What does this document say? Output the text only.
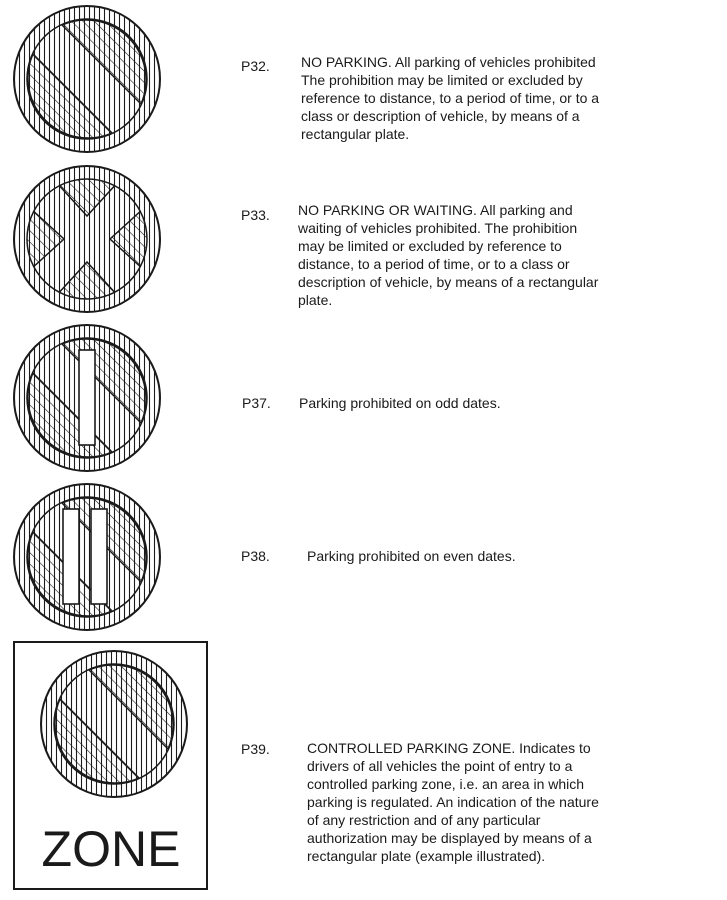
P32. NO PARKING. All parking of vehicles prohibited
The prohibition may be limited or excluded by
reference to distance, to a period of time, or to a
class or description of vehicle, by means of a
rectangular plate.
P33. NO PARKING OR WAITING. All parking and
waiting of vehicles prohibited. The prohibition
may be limited or excluded by reference to
distance, to a period of time, or to a class or
description of vehicle, by means of a rectangular
plate.
P37. Parking prohibited on odd dates.
P38.	Parking prohibited on even dates.
ZONE
P39.	CONTROLLED PARKING ZONE. Indicates to
drivers of all vehicles the point of entry to a
controlled parking zone, i.e. an area in which
parking is regulated. An indication of the nature
of any restriction and of any particular
authorization may be displayed by means of a
rectangular plate (example illustrated).
